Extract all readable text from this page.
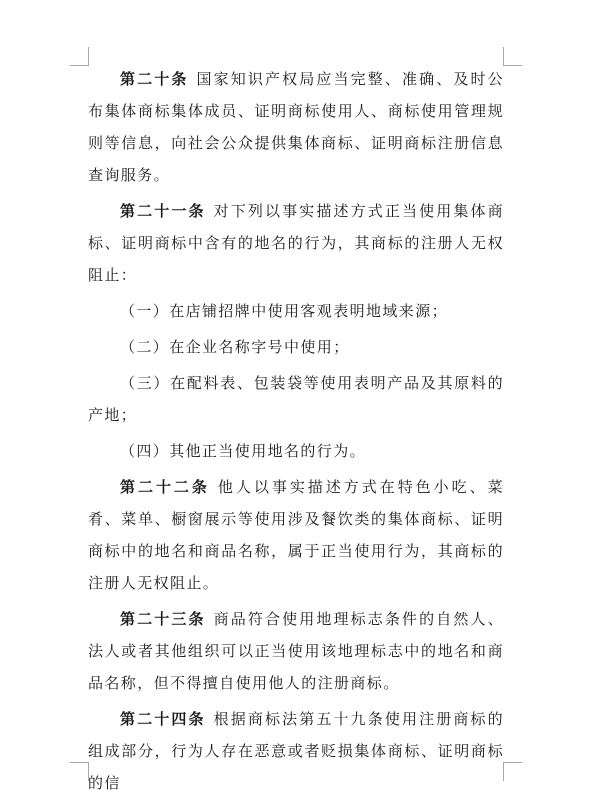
第二十条 国家知识产权局应当完整、准确、及时公布集体商标集体成员、证明商标使用人、商标使用管理规则等信息，向社会公众提供集体商标、证明商标注册信息查询服务。

第二十一条 对下列以事实描述方式正当使用集体商标、证明商标中含有的地名的行为，其商标的注册人无权阻止：

（一）在店铺招牌中使用客观表明地域来源；

（二）在企业名称字号中使用；

（三）在配料表、包装袋等使用表明产品及其原料的产地；

（四）其他正当使用地名的行为。

第二十二条 他人以事实描述方式在特色小吃、菜肴、菜单、橱窗展示等使用涉及餐饮类的集体商标、证明商标中的地名和商品名称，属于正当使用行为，其商标的注册人无权阻止。

第二十三条 商品符合使用地理标志条件的自然人、法人或者其他组织可以正当使用该地理标志中的地名和商品名称，但不得擅自使用他人的注册商标。

第二十四条 根据商标法第五十九条使用注册商标的组成部分，行为人存在恶意或者贬损集体商标、证明商标的信
